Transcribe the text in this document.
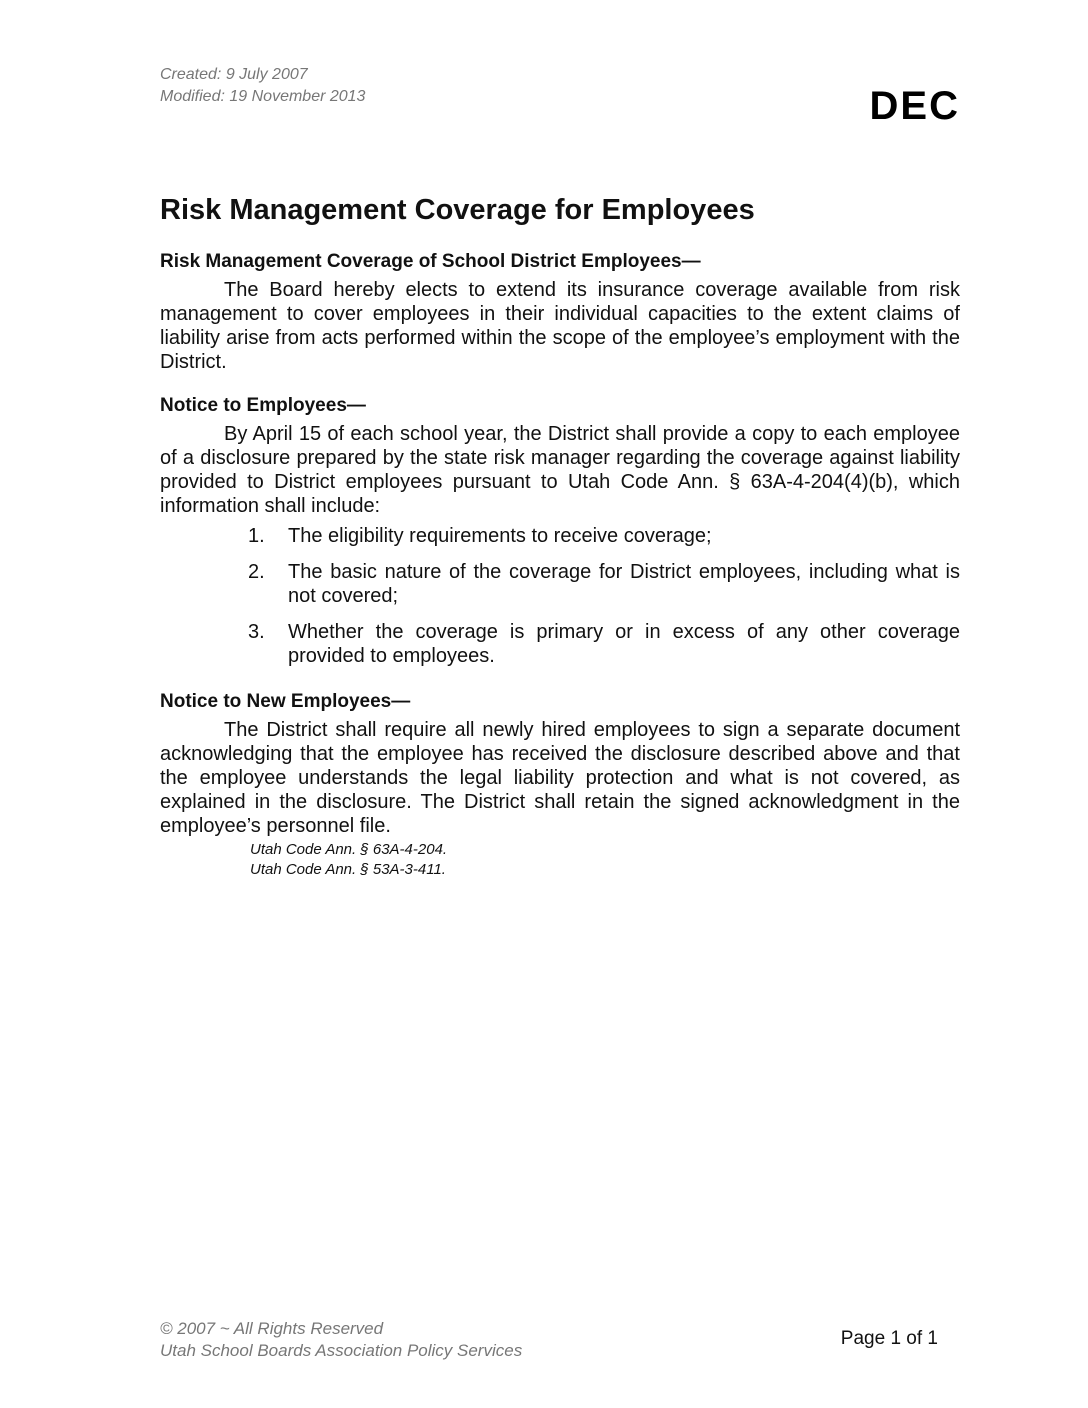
Created: 9 July 2007
Modified: 19 November 2013	DEC
Risk Management Coverage for Employees
Risk Management Coverage of School District Employees—

The Board hereby elects to extend its insurance coverage available from risk management to cover employees in their individual capacities to the extent claims of liability arise from acts performed within the scope of the employee’s employment with the District.

Notice to Employees—

By April 15 of each school year, the District shall provide a copy to each employee of a disclosure prepared by the state risk manager regarding the coverage against liability provided to District employees pursuant to Utah Code Ann. § 63A-4-204(4)(b), which information shall include:

1.	The eligibility requirements to receive coverage;
2.	The basic nature of the coverage for District employees, including what is not covered;
3.	Whether the coverage is primary or in excess of any other coverage provided to employees.
Notice to New Employees—

The District shall require all newly hired employees to sign a separate document acknowledging that the employee has received the disclosure described above and that the employee understands the legal liability protection and what is not covered, as explained in the disclosure. The District shall retain the signed acknowledgment in the employee’s personnel file.

Utah Code Ann. § 63A-4-204.
Utah Code Ann. § 53A-3-411.
© 2007 ~ All Rights Reserved
Utah School Boards Association Policy Services
Page 1 of 1
